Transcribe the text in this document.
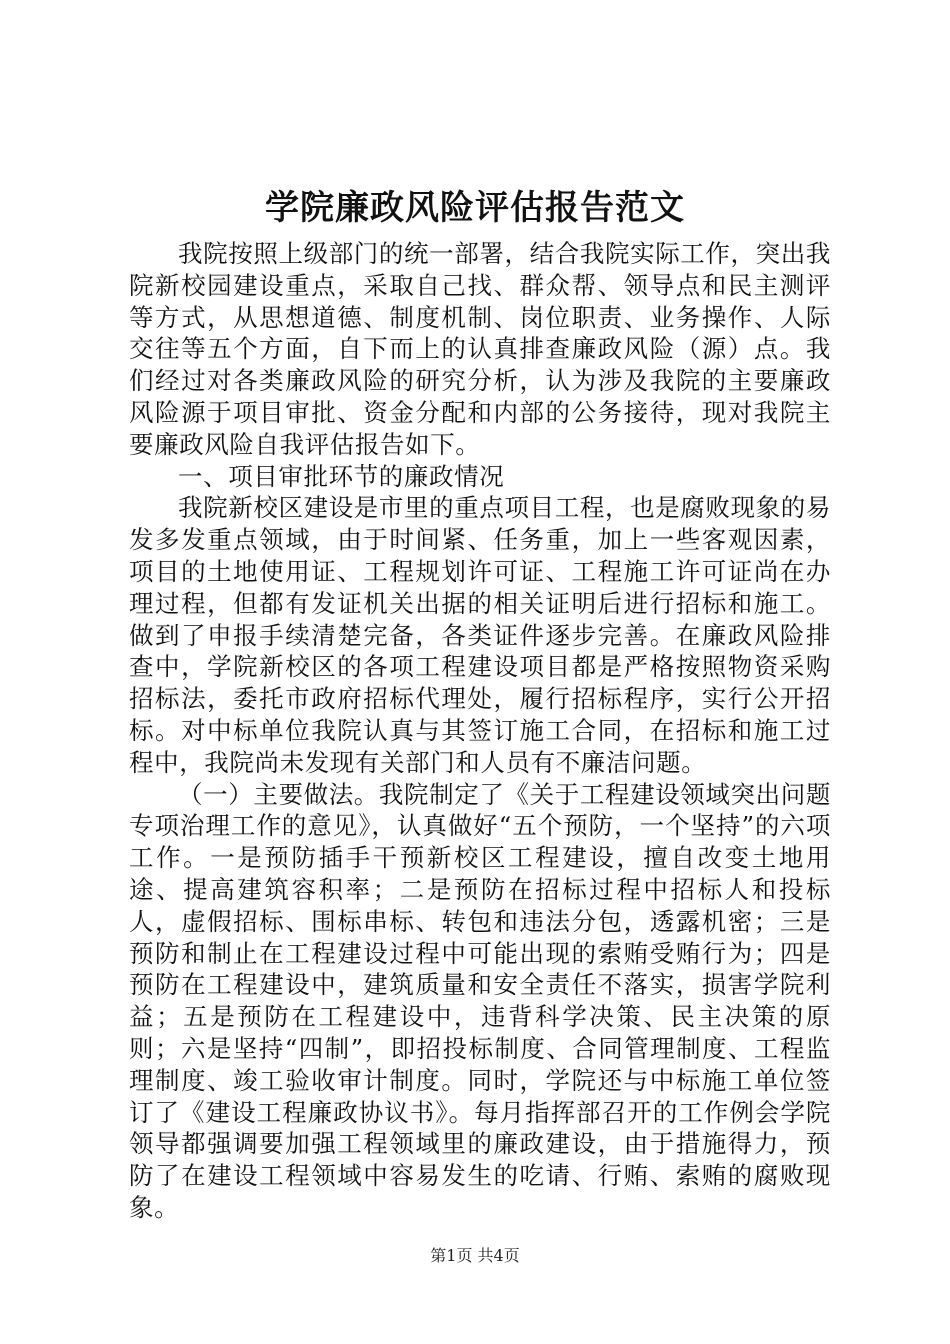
学院廉政风险评估报告范文

我院按照上级部门的统一部署，结合我院实际工作，突出我院新校园建设重点，采取自己找、群众帮、领导点和民主测评等方式，从思想道德、制度机制、岗位职责、业务操作、人际交往等五个方面，自下而上的认真排查廉政风险（源）点。我们经过对各类廉政风险的研究分析，认为涉及我院的主要廉政风险源于项目审批、资金分配和内部的公务接待，现对我院主要廉政风险自我评估报告如下。

一、项目审批环节的廉政情况

我院新校区建设是市里的重点项目工程，也是腐败现象的易发多发重点领域，由于时间紧、任务重，加上一些客观因素，项目的土地使用证、工程规划许可证、工程施工许可证尚在办理过程，但都有发证机关出据的相关证明后进行招标和施工。做到了申报手续清楚完备，各类证件逐步完善。在廉政风险排查中，学院新校区的各项工程建设项目都是严格按照物资采购招标法，委托市政府招标代理处，履行招标程序，实行公开招标。对中标单位我院认真与其签订施工合同，在招标和施工过程中，我院尚未发现有关部门和人员有不廉洁问题。

（一）主要做法。我院制定了《关于工程建设领域突出问题专项治理工作的意见》，认真做好“五个预防，一个坚持”的六项工作。一是预防插手干预新校区工程建设，擅自改变土地用途、提高建筑容积率；二是预防在招标过程中招标人和投标人，虚假招标、围标串标、转包和违法分包，透露机密；三是预防和制止在工程建设过程中可能出现的索贿受贿行为；四是预防在工程建设中，建筑质量和安全责任不落实，损害学院利益；五是预防在工程建设中，违背科学决策、民主决策的原则；六是坚持“四制”，即招投标制度、合同管理制度、工程监理制度、竣工验收审计制度。同时，学院还与中标施工单位签订了《建设工程廉政协议书》。每月指挥部召开的工作例会学院领导都强调要加强工程领域里的廉政建设，由于措施得力，预防了在建设工程领域中容易发生的吃请、行贿、索贿的腐败现象。

第1页 共4页
